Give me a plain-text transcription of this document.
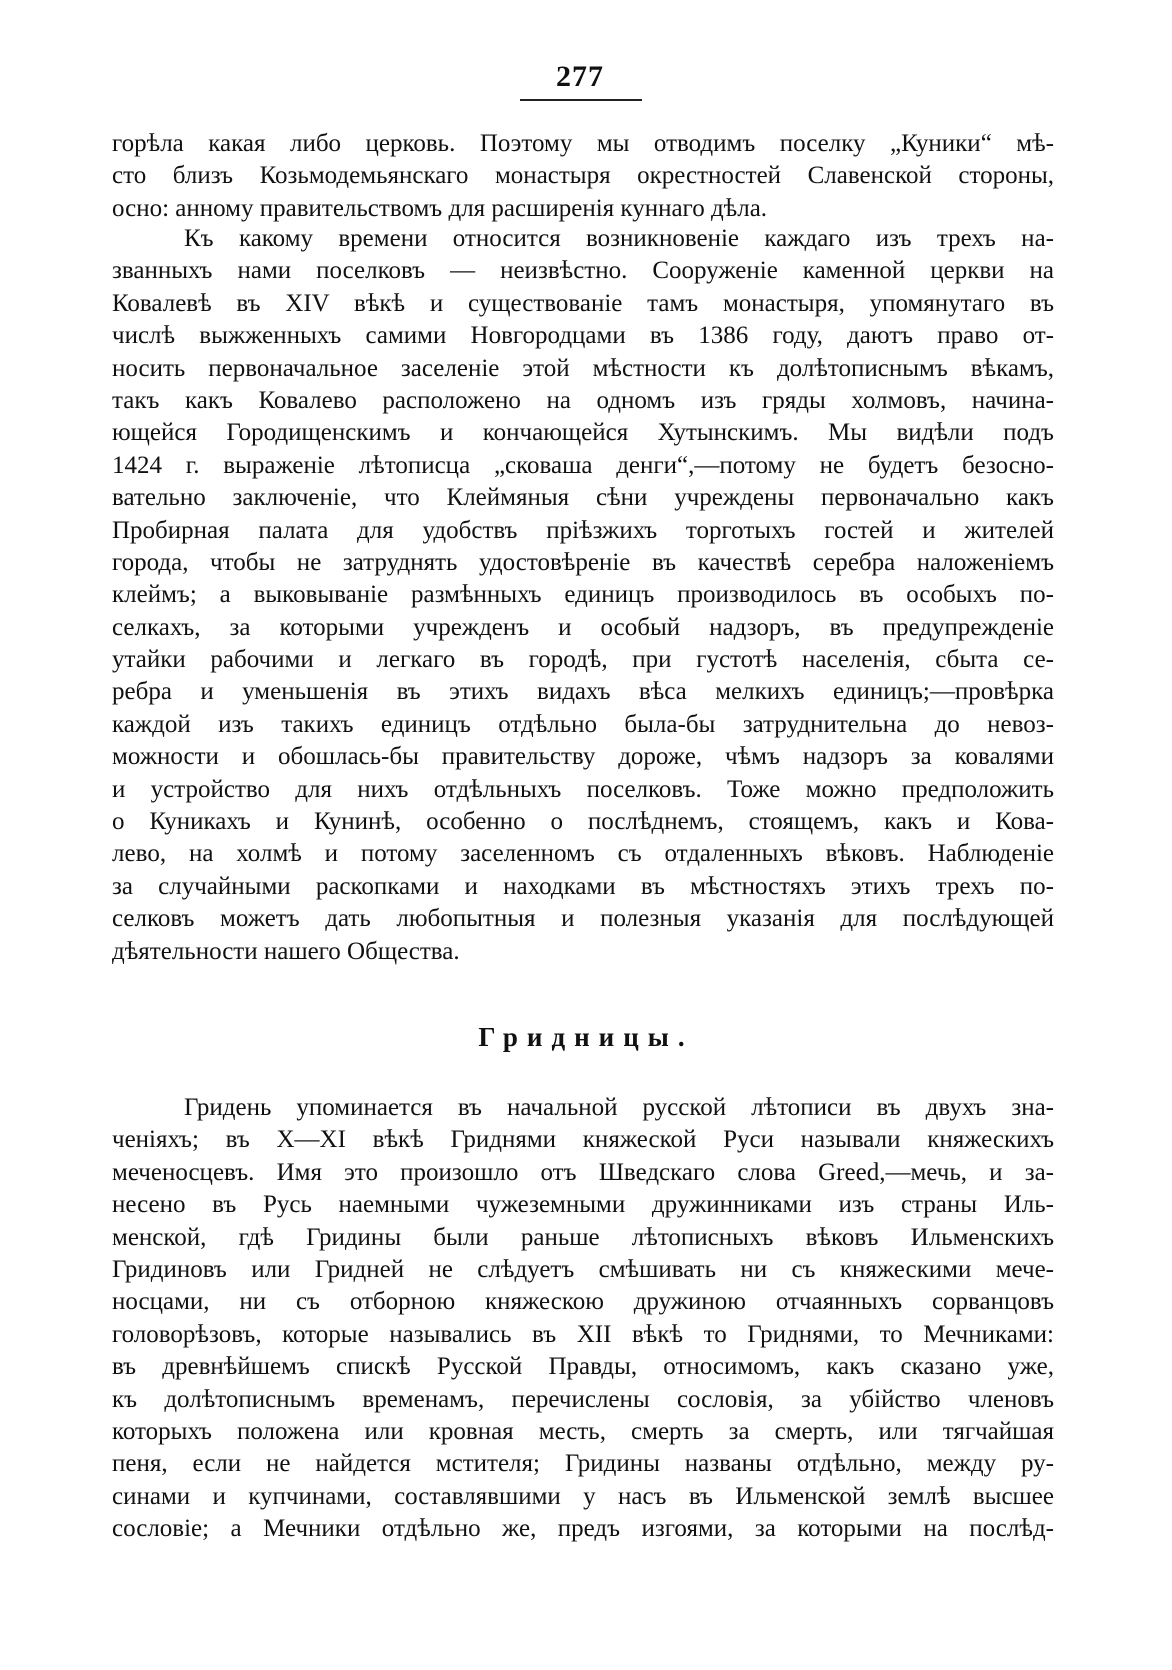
277
горѣла какая либо церковь. Поэтому мы отводимъ поселку „Куники“ мѣ-
сто близъ Козьмодемьянскаго монастыря окрестностей Славенской стороны,
осно: анному правительствомъ для расширенія куннаго дѣла.
Къ какому времени относится возникновеніе каждаго изъ трехъ на-
званныхъ нами поселковъ — неизвѣстно. Сооруженіе каменной церкви на
Ковалевѣ въ XIV вѣкѣ и существованіе тамъ монастыря, упомянутаго въ
числѣ выжженныхъ самими Новгородцами въ 1386 году, даютъ право от-
носить первоначальное заселеніе этой мѣстности къ долѣтописнымъ вѣкамъ,
такъ какъ Ковалево расположено на одномъ изъ гряды холмовъ, начина-
ющейся Городищенскимъ и кончающейся Хутынскимъ. Мы видѣли подъ
1424 г. выраженіе лѣтописца „сковаша денги“,—потому не будетъ безосно-
вательно заключеніе, что Клеймяныя сѣни учреждены первоначально какъ
Пробирная палата для удобствъ пріѣзжихъ торготыхъ гостей и жителей
города, чтобы не затруднять удостовѣреніе въ качествѣ серебра наложеніемъ
клеймъ; а выковываніе размѣнныхъ единицъ производилось въ особыхъ по-
селкахъ, за которыми учрежденъ и особый надзоръ, въ предупрежденіе
утайки рабочими и легкаго въ городѣ, при густотѣ населенія, сбыта се-
ребра и уменьшенія въ этихъ видахъ вѣса мелкихъ единицъ;—провѣрка
каждой изъ такихъ единицъ отдѣльно была-бы затруднительна до невоз-
можности и обошлась-бы правительству дороже, чѣмъ надзоръ за ковалями
и устройство для нихъ отдѣльныхъ поселковъ. Тоже можно предположить
о Куникахъ и Кунинѣ, особенно о послѣднемъ, стоящемъ, какъ и Кова-
левo, на холмѣ и потому заселенномъ съ отдаленныхъ вѣковъ. Наблюденіе
за случайными раскопками и находками въ мѣстностяхъ этихъ трехъ по-
селковъ можетъ дать любопытныя и полезныя указанія для послѣдующей
дѣятельности нашего Общества.
Гридницы.
Гридень упоминается въ начальной русской лѣтописи въ двухъ зна-
ченіяхъ; въ X—XI вѣкѣ Гриднями княжеской Руси называли княжескихъ
меченосцевъ. Имя это произошло отъ Шведскаго слова Greed,—мечь, и за-
несено въ Русь наемными чужеземными дружинниками изъ страны Иль-
менской, гдѣ Гридины были раньше лѣтописныхъ вѣковъ Ильменскихъ
Гридиновъ или Гридней не слѣдуетъ смѣшивать ни съ княжескими мече-
носцами, ни съ отборною княжескою дружиною отчаянныхъ сорванцовъ
головорѣзовъ, которые назывались въ XII вѣкѣ то Гриднями, то Мечниками:
въ древнѣйшемъ спискѣ Русской Правды, относимомъ, какъ сказано уже,
къ долѣтописнымъ временамъ, перечислены сословія, за убійство членовъ
которыхъ положена или кровная месть, смерть за смерть, или тягчайшая
пеня, если не найдется мстителя; Гридины названы отдѣльно, между ру-
синами и купчинами, составлявшими у насъ въ Ильменской землѣ высшее
сословіе; а Мечники отдѣльно же, предъ изгоями, за которыми на послѣд-
